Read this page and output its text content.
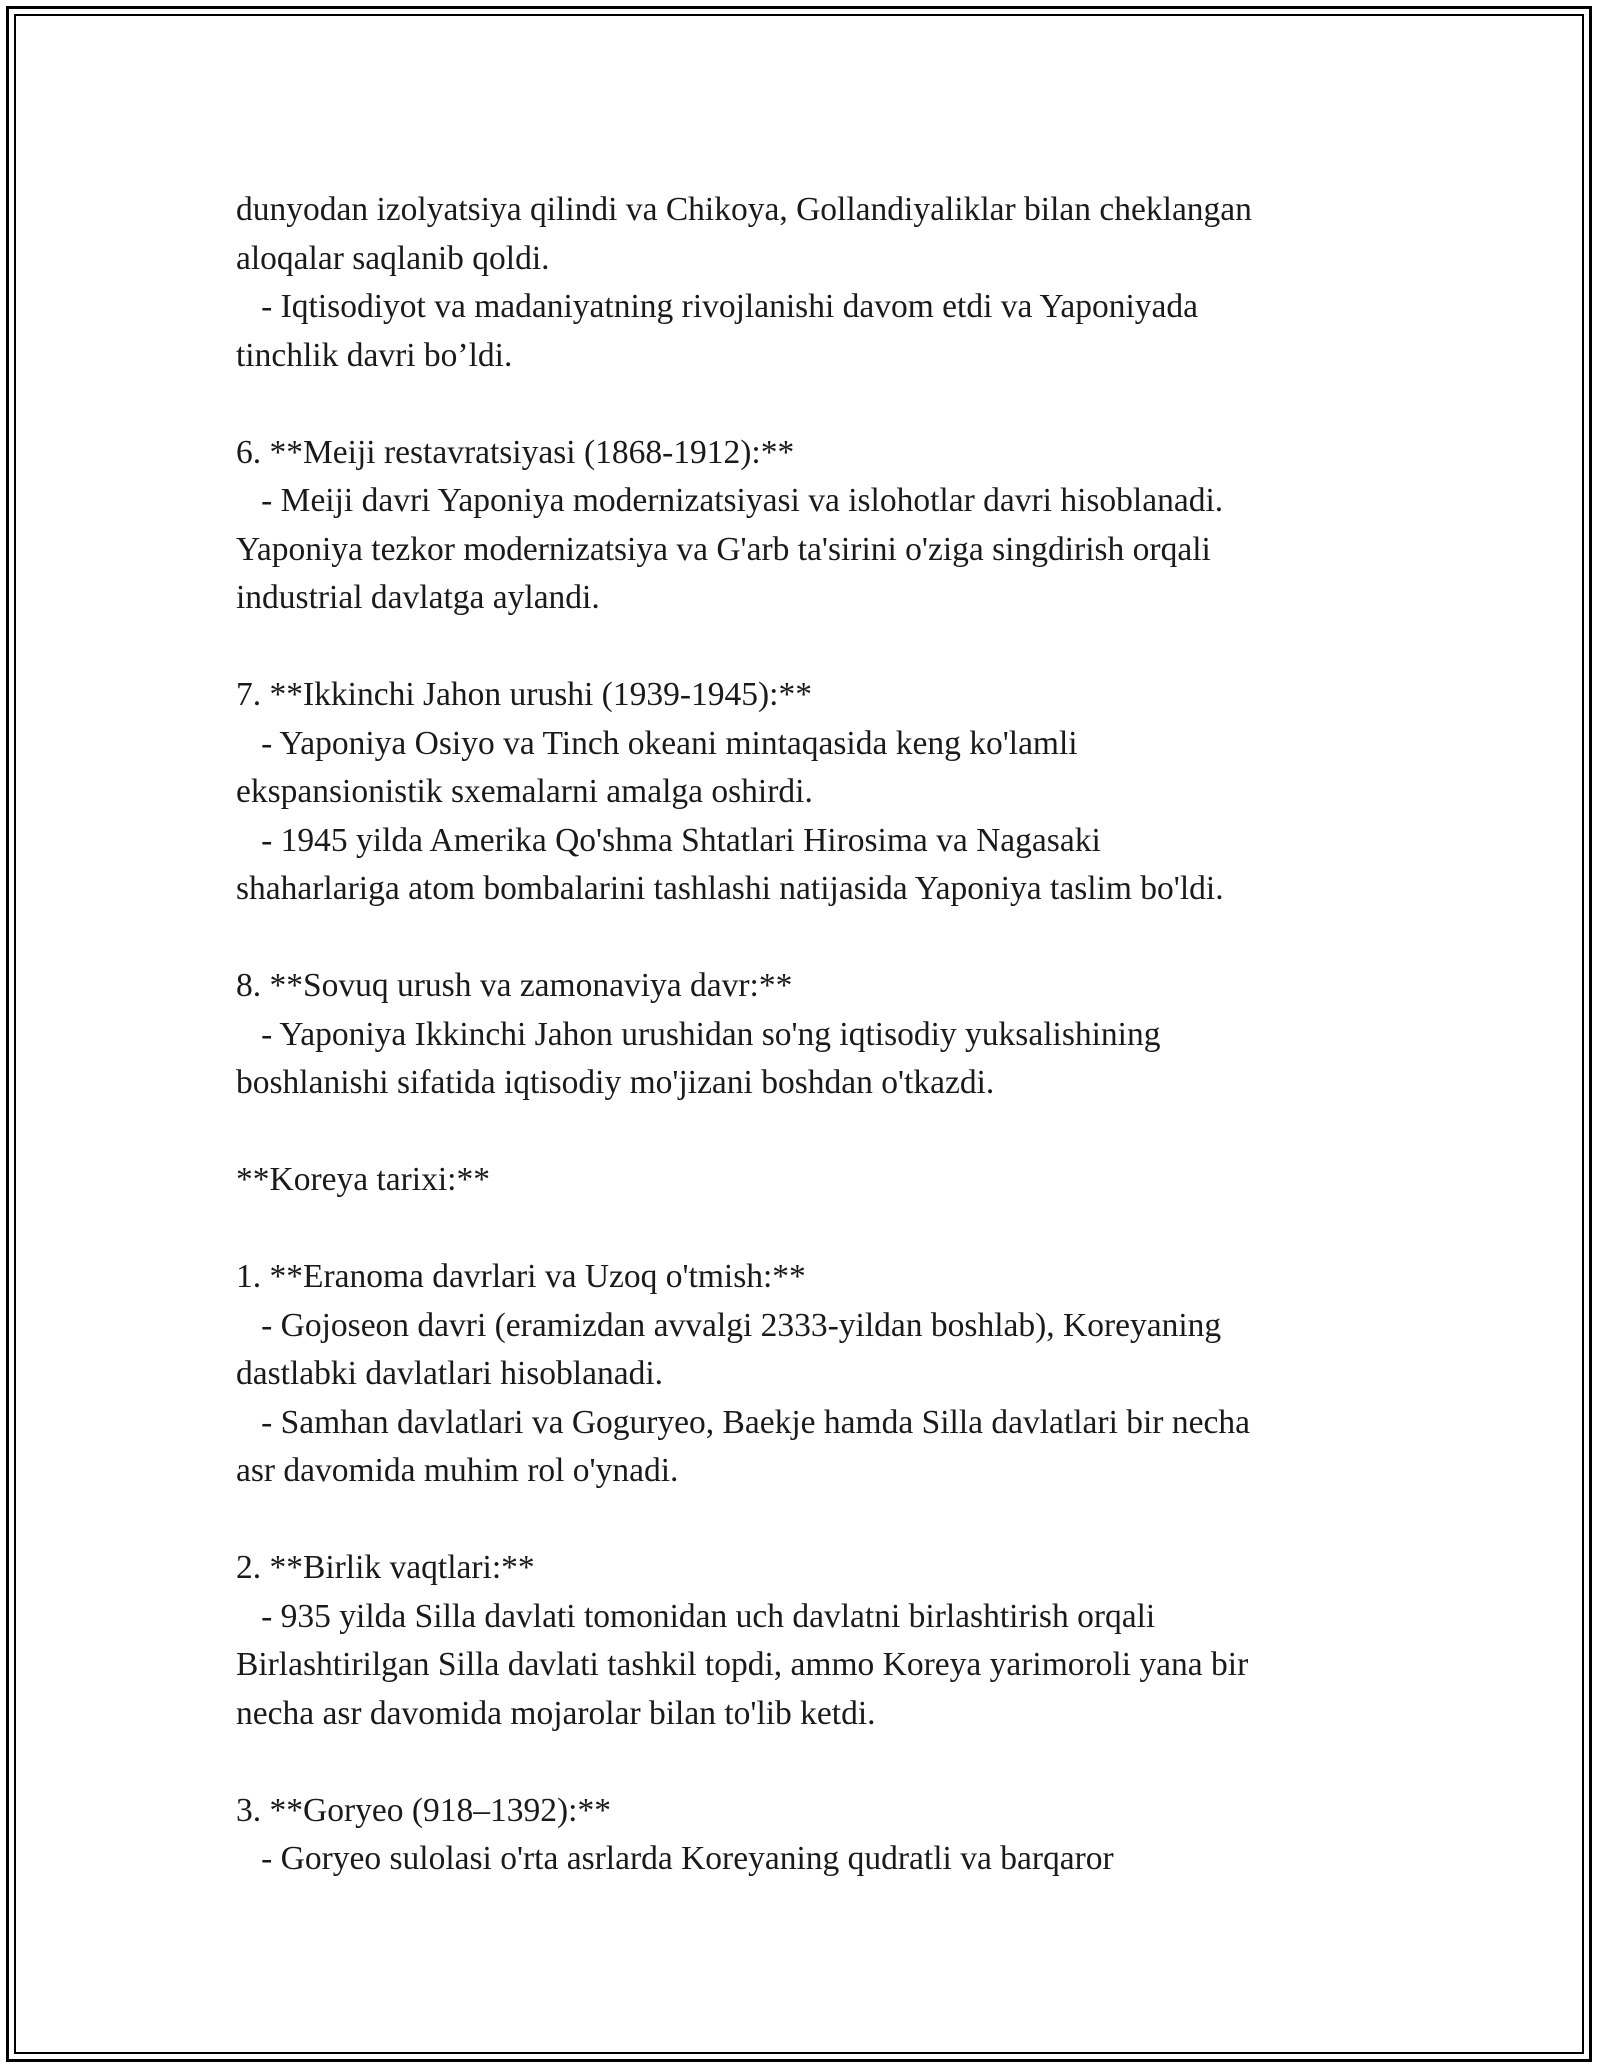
dunyodan izolyatsiya qilindi va Chikoya, Gollandiyaliklar bilan cheklangan

aloqalar saqlanib qoldi.

- Iqtisodiyot va madaniyatning rivojlanishi davom etdi va Yaponiyada

tinchlik davri bo’ldi.

6. **Meiji restavratsiyasi (1868-1912):**

- Meiji davri Yaponiya modernizatsiyasi va islohotlar davri hisoblanadi.

Yaponiya tezkor modernizatsiya va G'arb ta'sirini o'ziga singdirish orqali

industrial davlatga aylandi.

7. **Ikkinchi Jahon urushi (1939-1945):**

- Yaponiya Osiyo va Tinch okeani mintaqasida keng ko'lamli

ekspansionistik sxemalarni amalga oshirdi.

- 1945 yilda Amerika Qo'shma Shtatlari Hirosima va Nagasaki

shaharlariga atom bombalarini tashlashi natijasida Yaponiya taslim bo'ldi.

8. **Sovuq urush va zamonaviya davr:**

- Yaponiya Ikkinchi Jahon urushidan so'ng iqtisodiy yuksalishining

boshlanishi sifatida iqtisodiy mo'jizani boshdan o'tkazdi.

**Koreya tarixi:**

1. **Eranoma davrlari va Uzoq o'tmish:**

- Gojoseon davri (eramizdan avvalgi 2333-yildan boshlab), Koreyaning

dastlabki davlatlari hisoblanadi.

- Samhan davlatlari va Goguryeo, Baekje hamda Silla davlatlari bir necha

asr davomida muhim rol o'ynadi.

2. **Birlik vaqtlari:**

- 935 yilda Silla davlati tomonidan uch davlatni birlashtirish orqali

Birlashtirilgan Silla davlati tashkil topdi, ammo Koreya yarimoroli yana bir

necha asr davomida mojarolar bilan to'lib ketdi.

3. **Goryeo (918–1392):**

- Goryeo sulolasi o'rta asrlarda Koreyaning qudratli va barqaror
